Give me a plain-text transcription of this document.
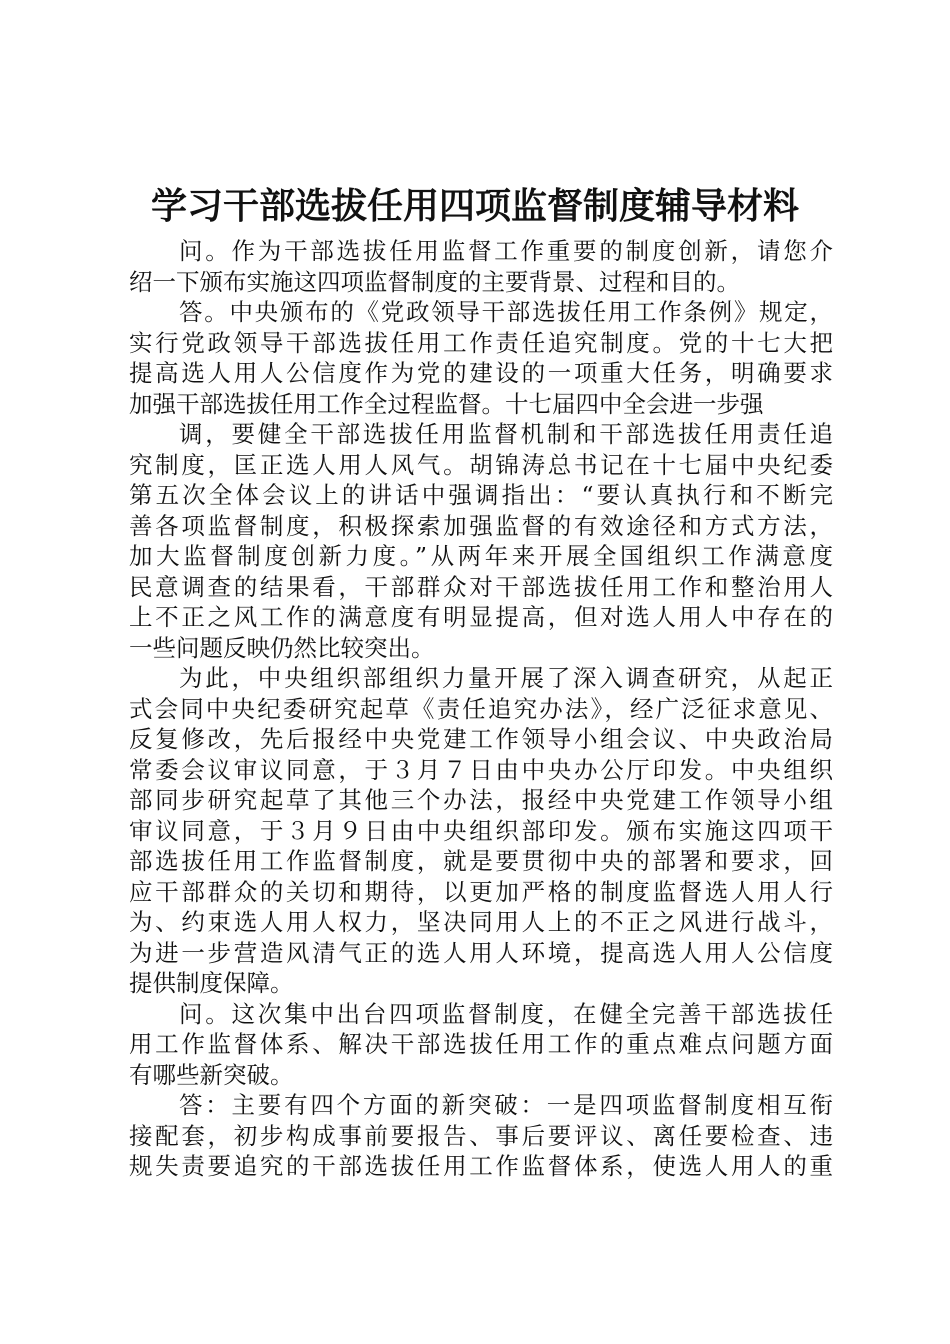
学习干部选拔任用四项监督制度辅导材料
问。作为干部选拔任用监督工作重要的制度创新，请您介
绍一下颁布实施这四项监督制度的主要背景、过程和目的。
答。中央颁布的《党政领导干部选拔任用工作条例》规定，
实行党政领导干部选拔任用工作责任追究制度。党的十七大把
提高选人用人公信度作为党的建设的一项重大任务，明确要求
加强干部选拔任用工作全过程监督。十七届四中全会进一步强
调，要健全干部选拔任用监督机制和干部选拔任用责任追
究制度，匡正选人用人风气。胡锦涛总书记在十七届中央纪委
第五次全体会议上的讲话中强调指出：“要认真执行和不断完
善各项监督制度，积极探索加强监督的有效途径和方式方法，
加大监督制度创新力度。”从两年来开展全国组织工作满意度
民意调查的结果看，干部群众对干部选拔任用工作和整治用人
上不正之风工作的满意度有明显提高，但对选人用人中存在的
一些问题反映仍然比较突出。
为此，中央组织部组织力量开展了深入调查研究，从起正
式会同中央纪委研究起草《责任追究办法》，经广泛征求意见、
反复修改，先后报经中央党建工作领导小组会议、中央政治局
常委会议审议同意，于３月７日由中央办公厅印发。中央组织
部同步研究起草了其他三个办法，报经中央党建工作领导小组
审议同意，于３月９日由中央组织部印发。颁布实施这四项干
部选拔任用工作监督制度，就是要贯彻中央的部署和要求，回
应干部群众的关切和期待，以更加严格的制度监督选人用人行
为、约束选人用人权力，坚决同用人上的不正之风进行战斗，
为进一步营造风清气正的选人用人环境，提高选人用人公信度
提供制度保障。
问。这次集中出台四项监督制度，在健全完善干部选拔任
用工作监督体系、解决干部选拔任用工作的重点难点问题方面
有哪些新突破。
答：主要有四个方面的新突破：一是四项监督制度相互衔
接配套，初步构成事前要报告、事后要评议、离任要检查、违
规失责要追究的干部选拔任用工作监督体系，使选人用人的重
